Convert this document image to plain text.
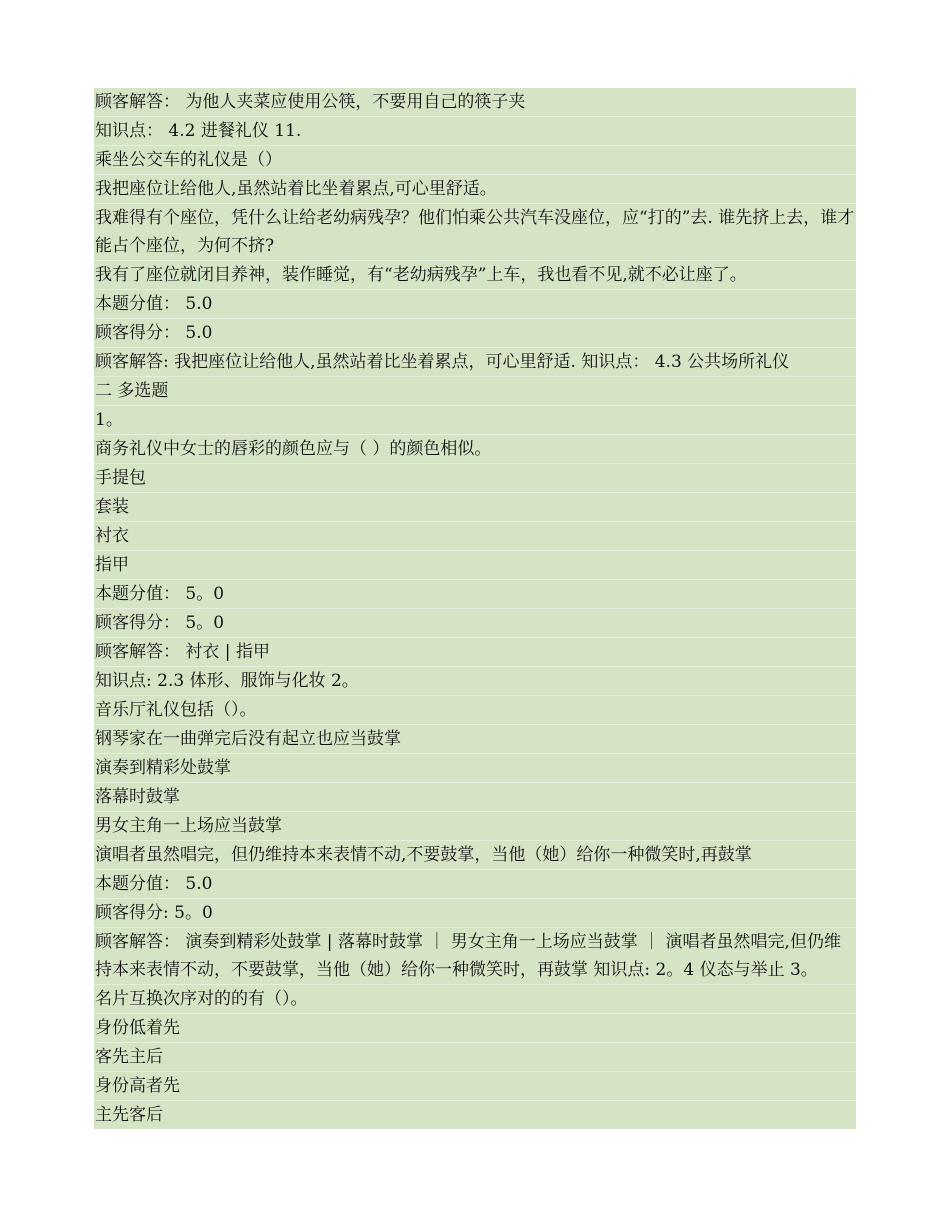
顾客解答： 为他人夹菜应使用公筷，不要用自己的筷子夹
知识点： 4.2 进餐礼仪 11.
乘坐公交车的礼仪是（）
我把座位让给他人,虽然站着比坐着累点,可心里舒适。
我难得有个座位，凭什么让给老幼病残孕？他们怕乘公共汽车没座位，应“打的”去. 谁先挤上去，谁才能占个座位，为何不挤?
我有了座位就闭目养神，装作睡觉，有“老幼病残孕”上车，我也看不见,就不必让座了。
本题分值： 5.0
顾客得分： 5.0
顾客解答: 我把座位让给他人,虽然站着比坐着累点，可心里舒适. 知识点： 4.3 公共场所礼仪
二 多选题
1。
商务礼仪中女士的唇彩的颜色应与（ ）的颜色相似。
手提包
套装
衬衣
指甲
本题分值： 5。0
顾客得分： 5。0
顾客解答： 衬衣 | 指甲
知识点: 2.3 体形、服饰与化妆 2。
音乐厅礼仪包括（）。
钢琴家在一曲弹完后没有起立也应当鼓掌
演奏到精彩处鼓掌
落幕时鼓掌
男女主角一上场应当鼓掌
演唱者虽然唱完，但仍维持本来表情不动,不要鼓掌，当他（她）给你一种微笑时,再鼓掌
本题分值： 5.0
顾客得分: 5。0
顾客解答： 演奏到精彩处鼓掌 | 落幕时鼓掌 ｜ 男女主角一上场应当鼓掌 ｜ 演唱者虽然唱完,但仍维持本来表情不动，不要鼓掌，当他（她）给你一种微笑时，再鼓掌 知识点: 2。4 仪态与举止 3。
名片互换次序对的的有（）。
身份低着先
客先主后
身份高者先
主先客后
